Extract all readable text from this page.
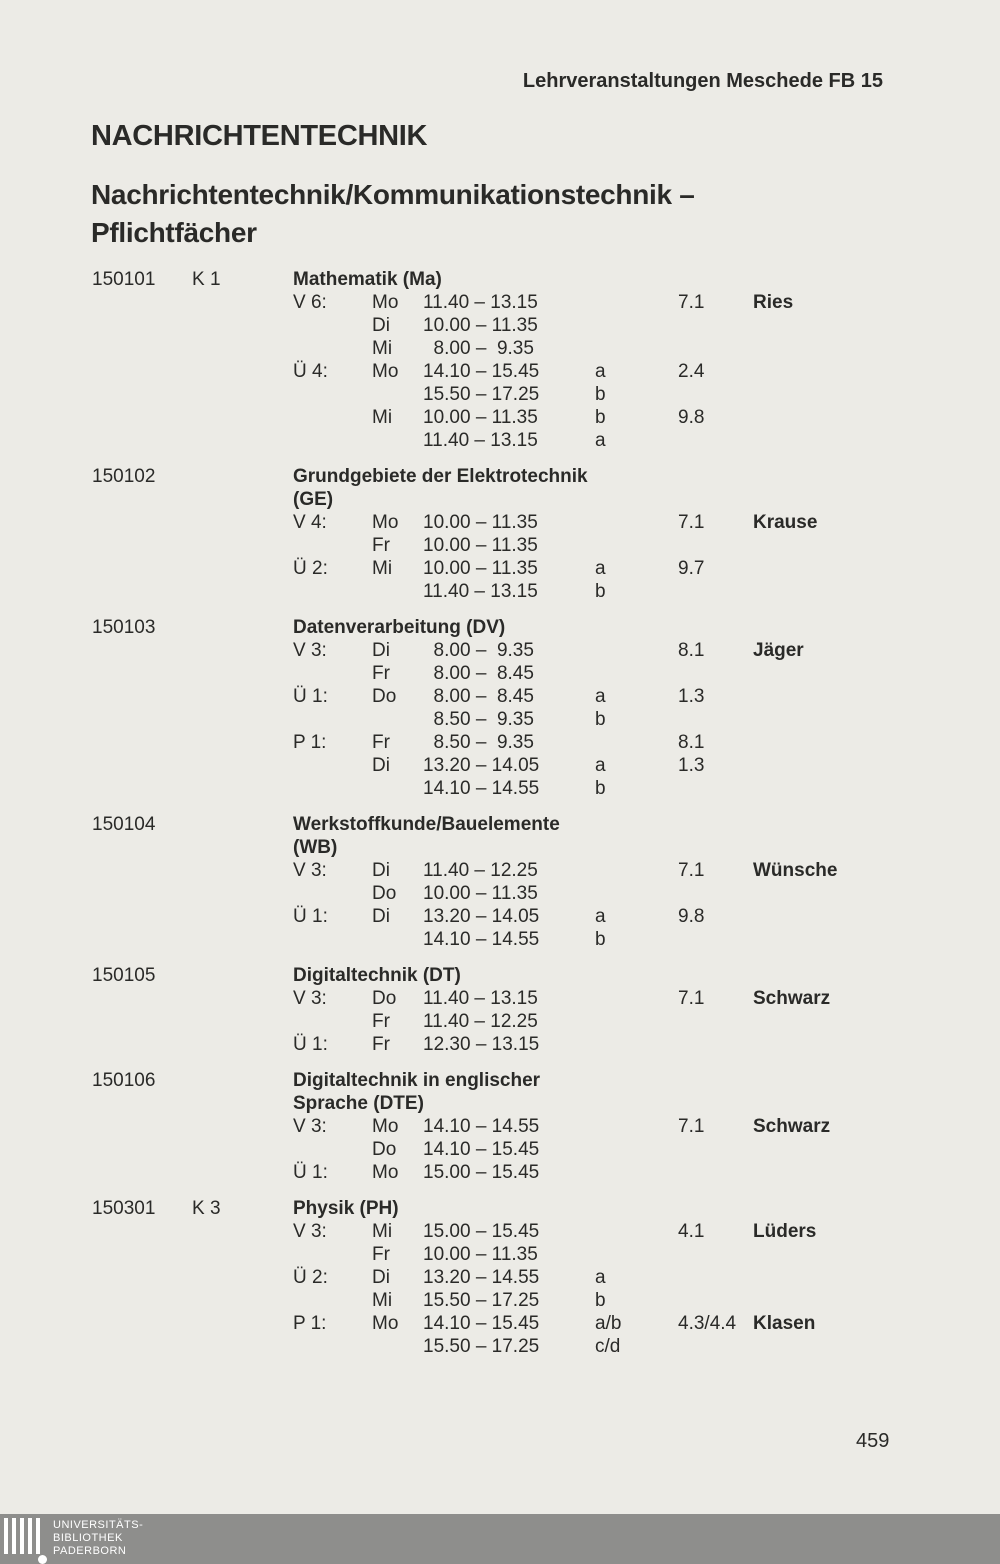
Lehrveranstaltungen Meschede FB 15
NACHRICHTENTECHNIK
Nachrichtentechnik/Kommunikationstechnik – Pflichtfächer
150101 K 1	Mathematik (Ma)
V 6: Mo 11.40 – 13.15	7.1	Ries
Di 10.00 – 11.35
Mi 8.00 –  9.35
Ü 4: Mo 14.10 – 15.45	a	2.4
15.50 – 17.25	b
Mi 10.00 – 11.35	b	9.8
11.40 – 13.15	a
150102	Grundgebiete der Elektrotechnik (GE)
V 4: Mo 10.00 – 11.35	7.1	Krause
Fr 10.00 – 11.35
Ü 2: Mi 10.00 – 11.35	a	9.7
11.40 – 13.15	b
150103	Datenverarbeitung (DV)
V 3: Di 8.00 –  9.35	8.1	Jäger
Fr 8.00 –  8.45
Ü 1: Do 8.00 –  8.45	a	1.3
8.50 –  9.35	b
P 1: Fr 8.50 –  9.35	8.1
Di 13.20 – 14.05	a	1.3
14.10 – 14.55	b
150104	Werkstoffkunde/Bauelemente (WB)
V 3: Di 11.40 – 12.25	7.1	Wünsche
Do 10.00 – 11.35
Ü 1: Di 13.20 – 14.05	a	9.8
14.10 – 14.55	b
150105	Digitaltechnik (DT)
V 3: Do 11.40 – 13.15	7.1	Schwarz
Fr 11.40 – 12.25
Ü 1: Fr 12.30 – 13.15
150106	Digitaltechnik in englischer Sprache (DTE)
V 3: Mo 14.10 – 14.55	7.1	Schwarz
Do 14.10 – 15.45
Ü 1: Mo 15.00 – 15.45
150301 K 3	Physik (PH)
V 3: Mi 15.00 – 15.45	4.1	Lüders
Fr 10.00 – 11.35
Ü 2: Di 13.20 – 14.55	a
Mi 15.50 – 17.25	b
P 1: Mo 14.10 – 15.45	a/b	4.3/4.4 Klasen
15.50 – 17.25	c/d
459
UNIVERSITÄTS-
BIBLIOTHEK
PADERBORN
